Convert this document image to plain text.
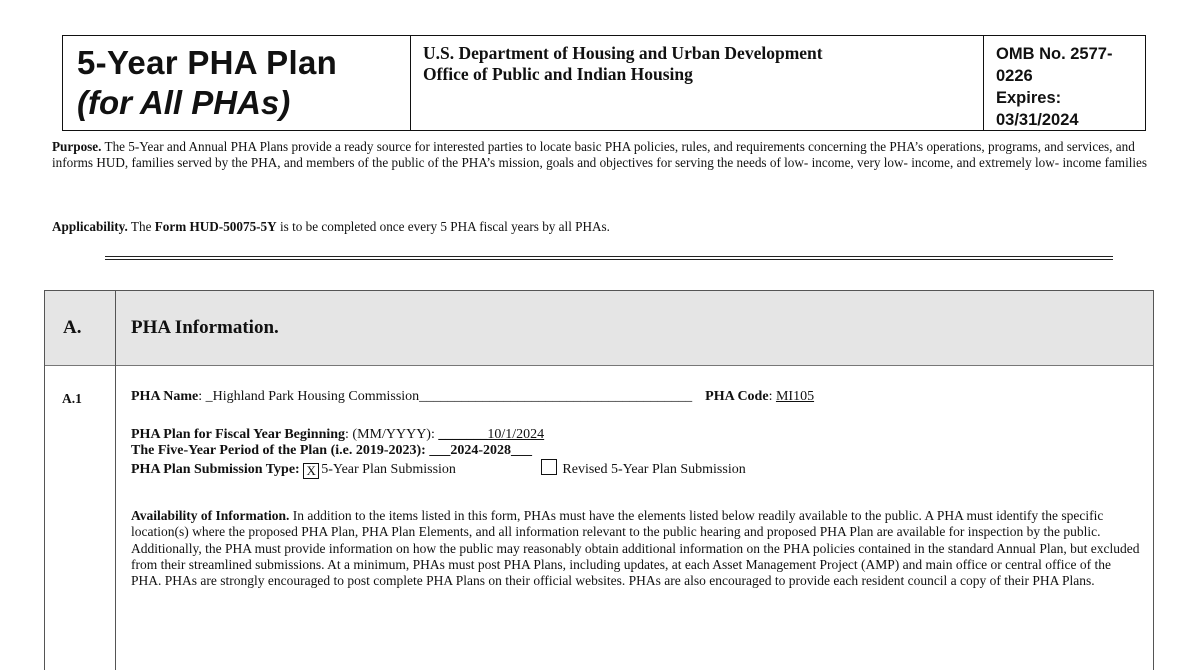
5-Year PHA Plan
(for All PHAs)
U.S. Department of Housing and Urban Development
Office of Public and Indian Housing
OMB No. 2577-0226
Expires: 03/31/2024
Purpose. The 5-Year and Annual PHA Plans provide a ready source for interested parties to locate basic PHA policies, rules, and requirements concerning the PHA’s operations, programs, and services, and informs HUD, families served by the PHA, and members of the public of the PHA’s mission, goals and objectives for serving the needs of low- income, very low- income, and extremely low- income families
Applicability. The Form HUD-50075-5Y is to be completed once every 5 PHA fiscal years by all PHAs.
A.	PHA Information.
A.1	PHA Name: _Highland Park Housing Commission_______________________________________ PHA Code: MI105
PHA Plan for Fiscal Year Beginning: (MM/YYYY): _______10/1/2024
The Five-Year Period of the Plan (i.e. 2019-2023): ___2024-2028___
PHA Plan Submission Type: X 5-Year Plan Submission	Revised 5-Year Plan Submission
Availability of Information. In addition to the items listed in this form, PHAs must have the elements listed below readily available to the public. A PHA must identify the specific location(s) where the proposed PHA Plan, PHA Plan Elements, and all information relevant to the public hearing and proposed PHA Plan are available for inspection by the public. Additionally, the PHA must provide information on how the public may reasonably obtain additional information on the PHA policies contained in the standard Annual Plan, but excluded from their streamlined submissions. At a minimum, PHAs must post PHA Plans, including updates, at each Asset Management Project (AMP) and main office or central office of the PHA. PHAs are strongly encouraged to post complete PHA Plans on their official websites. PHAs are also encouraged to provide each resident council a copy of their PHA Plans.
